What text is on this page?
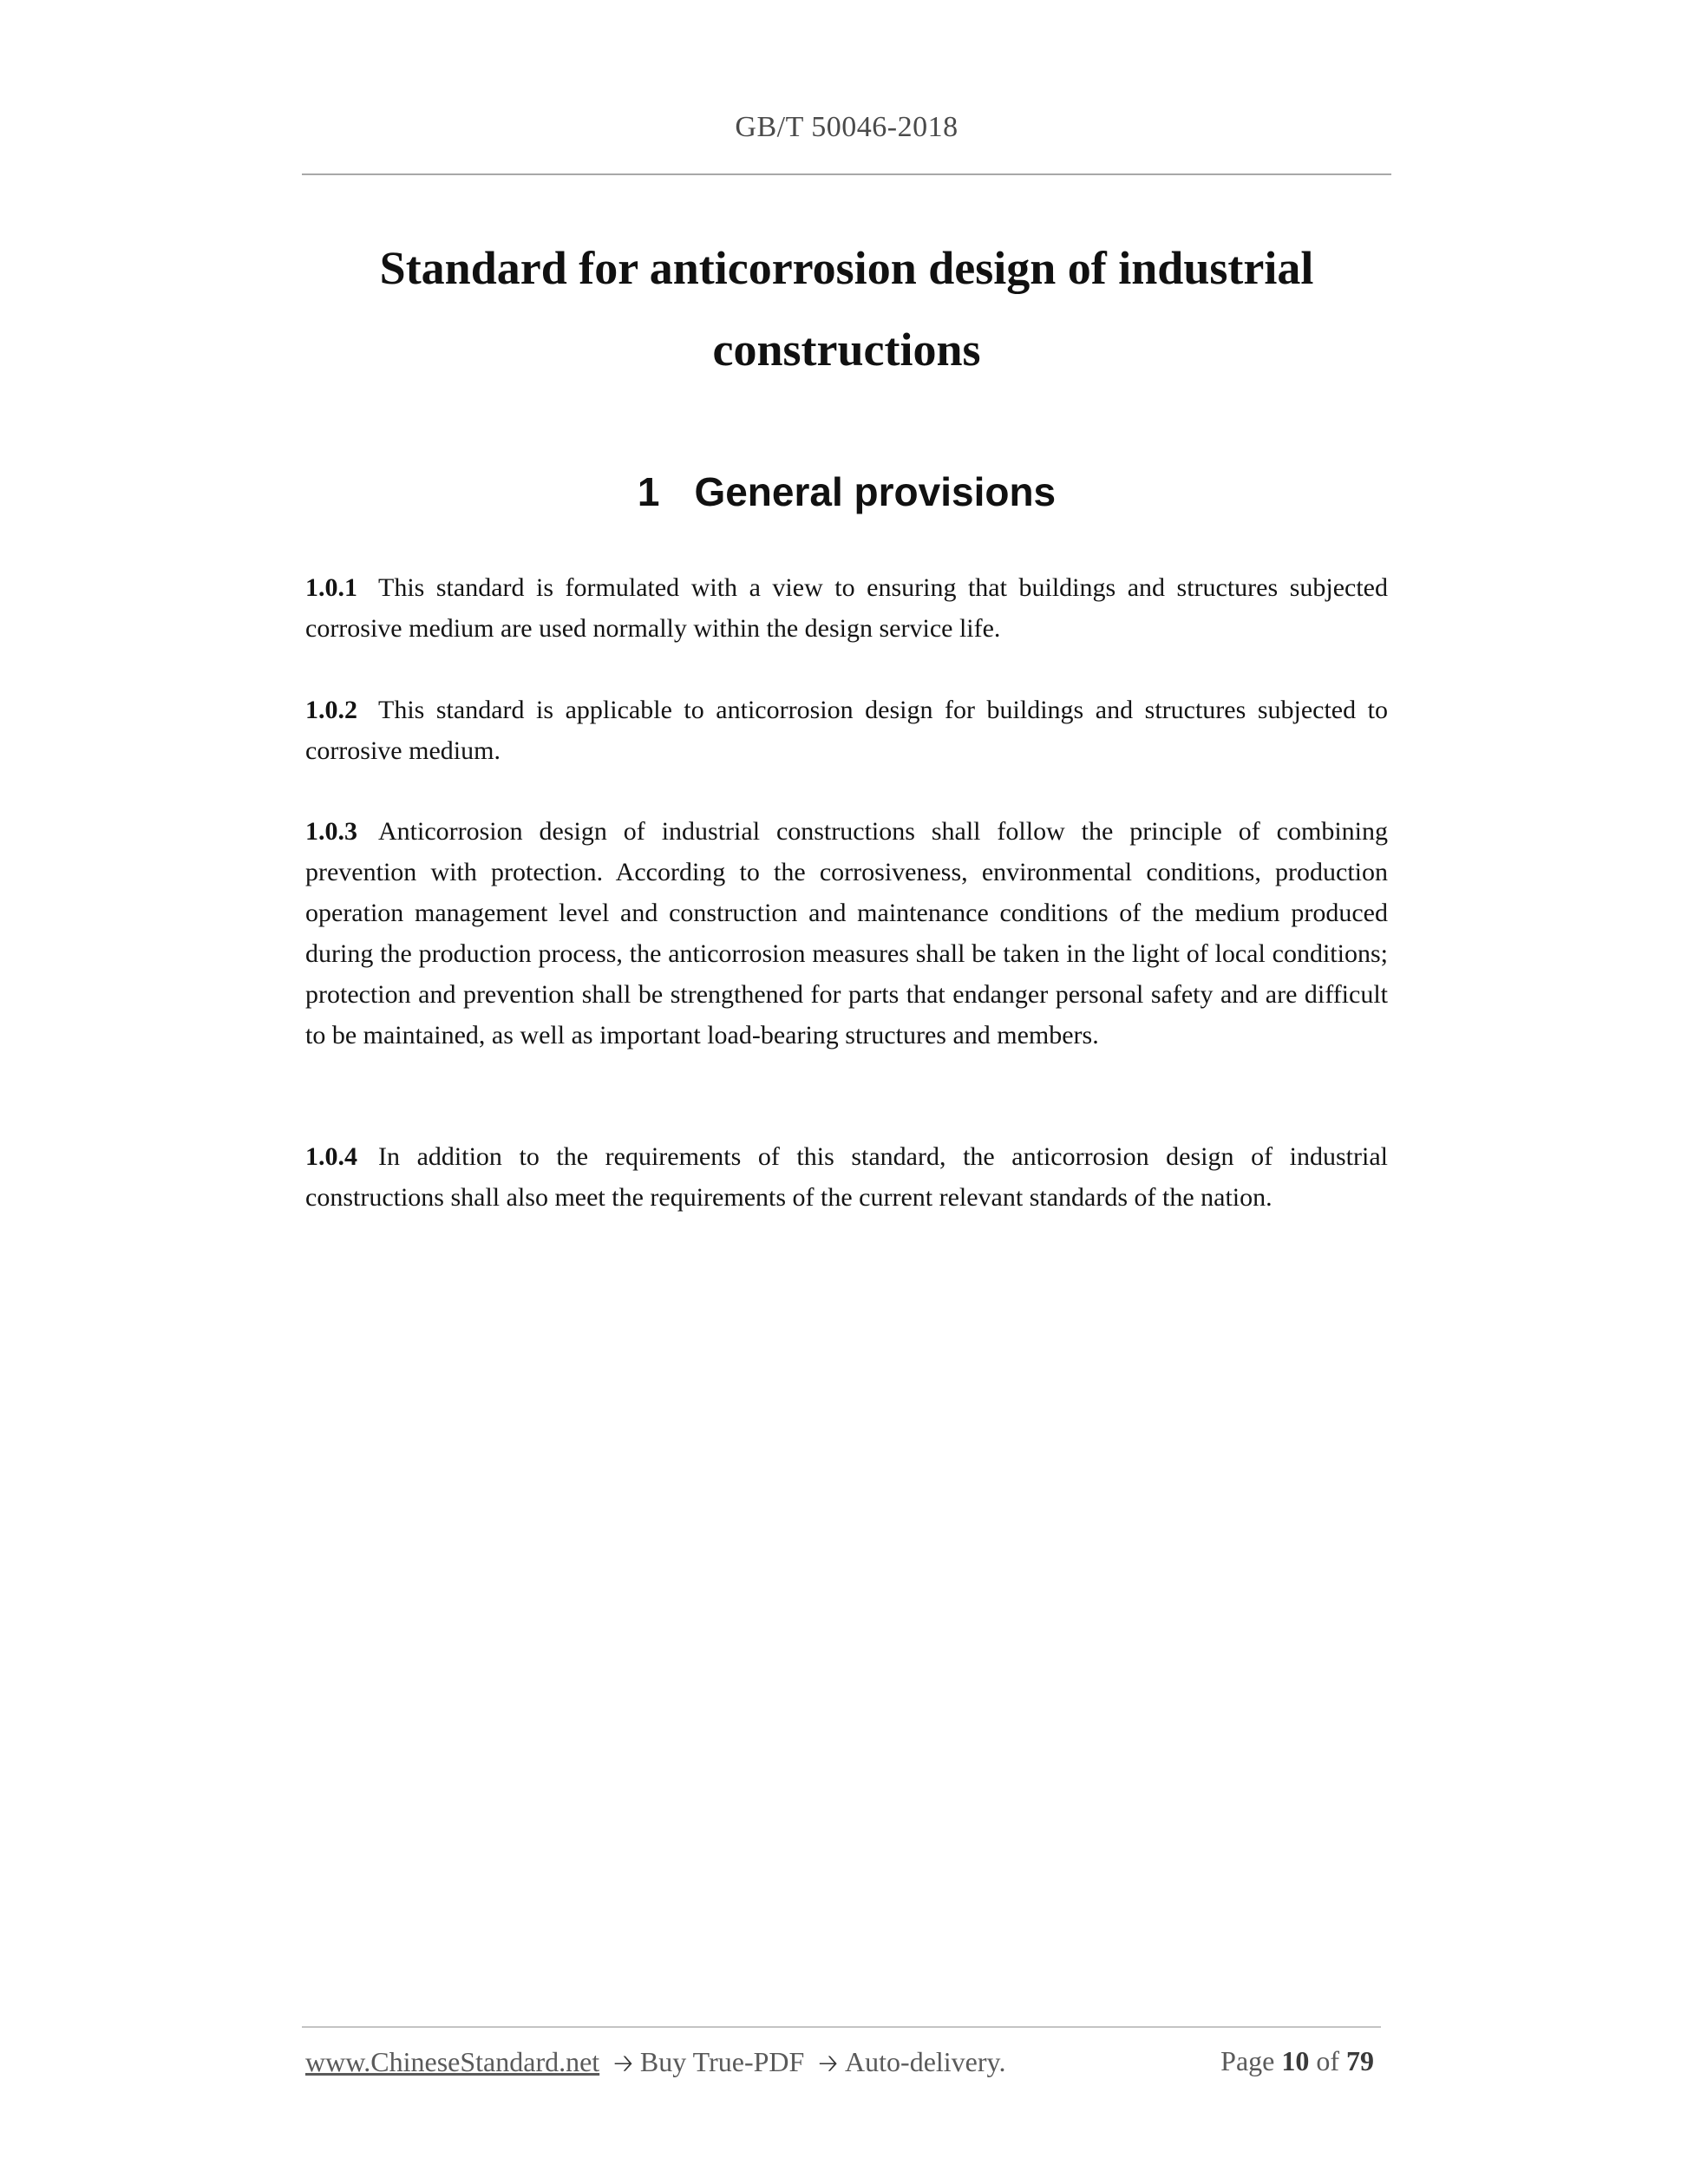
GB/T 50046-2018
Standard for anticorrosion design of industrial
constructions
1 General provisions
1.0.1 This standard is formulated with a view to ensuring that buildings and structures subjected corrosive medium are used normally within the design service life.
1.0.2 This standard is applicable to anticorrosion design for buildings and structures subjected to corrosive medium.
1.0.3 Anticorrosion design of industrial constructions shall follow the principle of combining prevention with protection. According to the corrosiveness, environmental conditions, production operation management level and construction and maintenance conditions of the medium produced during the production process, the anticorrosion measures shall be taken in the light of local conditions; protection and prevention shall be strengthened for parts that endanger personal safety and are difficult to be maintained, as well as important load-bearing structures and members.
1.0.4 In addition to the requirements of this standard, the anticorrosion design of industrial constructions shall also meet the requirements of the current relevant standards of the nation.
www.ChineseStandard.net 🡢 Buy True-PDF 🡢 Auto-delivery.	Page 10 of 79
